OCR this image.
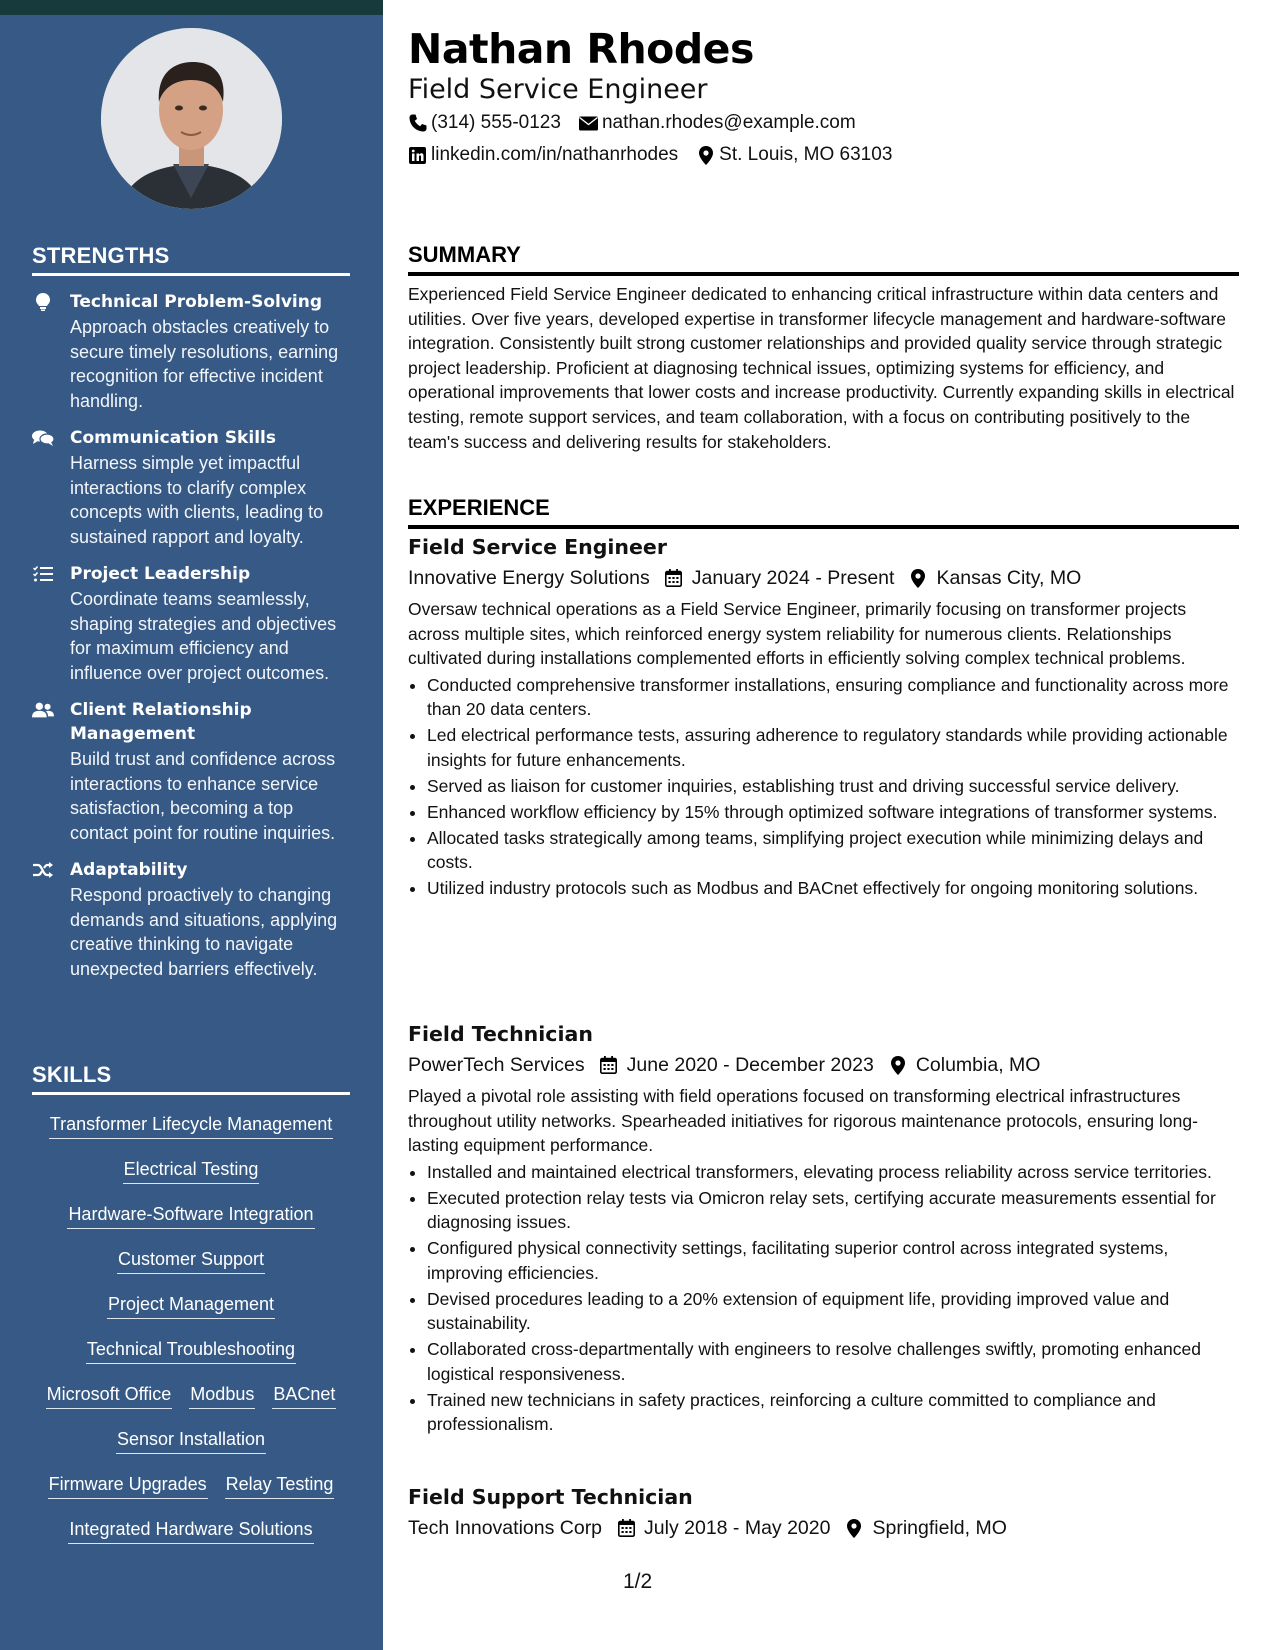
STRENGTHS
Technical Problem-Solving
Approach obstacles creatively to secure timely resolutions, earning recognition for effective incident handling.
Communication Skills
Harness simple yet impactful interactions to clarify complex concepts with clients, leading to sustained rapport and loyalty.
Project Leadership
Coordinate teams seamlessly, shaping strategies and objectives for maximum efficiency and influence over project outcomes.
Client Relationship Management
Build trust and confidence across interactions to enhance service satisfaction, becoming a top contact point for routine inquiries.
Adaptability
Respond proactively to changing demands and situations, applying creative thinking to navigate unexpected barriers effectively.
SKILLS
Transformer Lifecycle Management
Electrical Testing
Hardware-Software Integration
Customer Support
Project Management
Technical Troubleshooting
Microsoft Office Modbus BACnet
Sensor Installation
Firmware Upgrades Relay Testing
Integrated Hardware Solutions
Nathan Rhodes
Field Service Engineer
(314) 555-0123 nathan.rhodes@example.com
linkedin.com/in/nathanrhodes St. Louis, MO 63103
SUMMARY
Experienced Field Service Engineer dedicated to enhancing critical infrastructure within data centers and utilities. Over five years, developed expertise in transformer lifecycle management and hardware-software integration. Consistently built strong customer relationships and provided quality service through strategic project leadership. Proficient at diagnosing technical issues, optimizing systems for efficiency, and operational improvements that lower costs and increase productivity. Currently expanding skills in electrical testing, remote support services, and team collaboration, with a focus on contributing positively to the team's success and delivering results for stakeholders.
EXPERIENCE
Field Service Engineer
Innovative Energy Solutions January 2024 - Present Kansas City, MO
Oversaw technical operations as a Field Service Engineer, primarily focusing on transformer projects across multiple sites, which reinforced energy system reliability for numerous clients. Relationships cultivated during installations complemented efforts in efficiently solving complex technical problems.
• Conducted comprehensive transformer installations, ensuring compliance and functionality across more than 20 data centers.
• Led electrical performance tests, assuring adherence to regulatory standards while providing actionable insights for future enhancements.
• Served as liaison for customer inquiries, establishing trust and driving successful service delivery.
• Enhanced workflow efficiency by 15% through optimized software integrations of transformer systems.
• Allocated tasks strategically among teams, simplifying project execution while minimizing delays and costs.
• Utilized industry protocols such as Modbus and BACnet effectively for ongoing monitoring solutions.
Field Technician
PowerTech Services June 2020 - December 2023 Columbia, MO
Played a pivotal role assisting with field operations focused on transforming electrical infrastructures throughout utility networks. Spearheaded initiatives for rigorous maintenance protocols, ensuring long-lasting equipment performance.
• Installed and maintained electrical transformers, elevating process reliability across service territories.
• Executed protection relay tests via Omicron relay sets, certifying accurate measurements essential for diagnosing issues.
• Configured physical connectivity settings, facilitating superior control across integrated systems, improving efficiencies.
• Devised procedures leading to a 20% extension of equipment life, providing improved value and sustainability.
• Collaborated cross-departmentally with engineers to resolve challenges swiftly, promoting enhanced logistical responsiveness.
• Trained new technicians in safety practices, reinforcing a culture committed to compliance and professionalism.
Field Support Technician
Tech Innovations Corp July 2018 - May 2020 Springfield, MO
1/2
